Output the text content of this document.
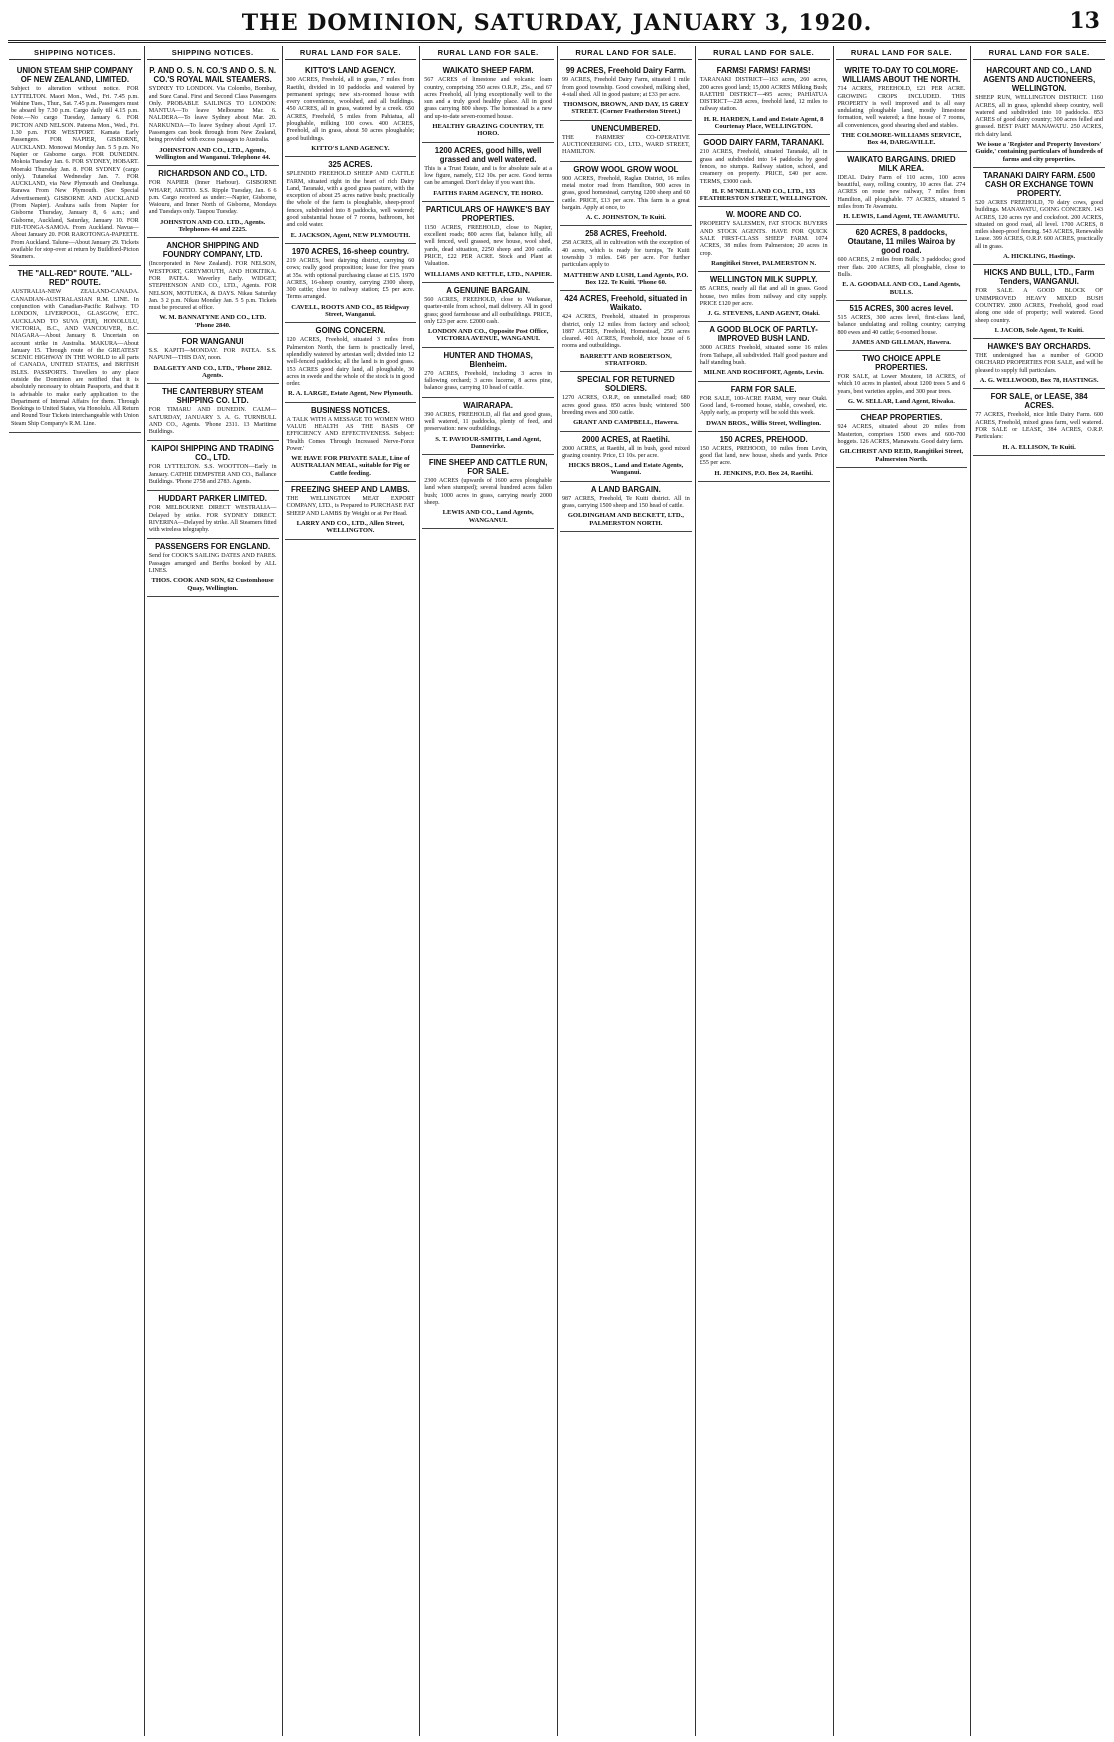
THE DOMINION, SATURDAY, JANUARY 3, 1920.	13
SHIPPING NOTICES.
UNION STEAM SHIP COMPANY OF NEW ZEALAND, LIMITED.
Subject to alteration without notice. FOR LYTTELTON. Maori Mon., Wed., Fri. 7.45 p.m. Wahine Tues., Thur., Sat. 7.45 p.m. Passengers must be aboard by 7.30 p.m. Cargo daily till 4.15 p.m. Note.—No cargo Tuesday, January 6. FOR PICTON AND NELSON. Pateena Mon., Wed., Fri. 1.30 p.m. FOR WESTPORT. Kamata Early Passengers. FOR NAPIER, GISBORNE, AUCKLAND. Monowai Monday Jan. 5 5 p.m. No Napier or Gisborne cargo. FOR DUNEDIN. Mokoia Tuesday Jan. 6. FOR SYDNEY, HOBART. Moeraki Thursday Jan. 8. FOR SYDNEY (cargo only). Tutanekai Wednesday Jan. 7. FOR AUCKLAND, via New Plymouth and Onehunga. Rarawa From New Plymouth. (See Special Advertisement). GISBORNE AND AUCKLAND (From Napier). Arahura sails from Napier for Gisborne Thursday, January 8, 6 a.m.; and Gisborne, Auckland, Saturday, January 10. FOR FIJI-TONGA-SAMOA. From Auckland. Navua—About January 20. FOR RAROTONGA-PAPEETE. From Auckland. Talune—About January 29. Tickets available for stop-over at return by Buildford-Picton Steamers.
THE "ALL-RED" ROUTE. "ALL-RED" ROUTE.
AUSTRALIA-NEW ZEALAND-CANADA. CANADIAN-AUSTRALASIAN R.M. LINE. In conjunction with Canadian-Pacific Railway. TO LONDON, LIVERPOOL, GLASGOW, ETC. AUCKLAND TO SUVA (FIJI), HONOLULU, VICTORIA, B.C., AND VANCOUVER, B.C. NIAGARA—About January 8. Uncertain on account strike in Australia. MAKURA—About January 15. Through route of the GREATEST SCENIC HIGHWAY IN THE WORLD to all parts of CANADA, UNITED STATES, and BRITISH ISLES. PASSPORTS. Travellers to any place outside the Dominion are notified that it is absolutely necessary to obtain Passports, and that it is advisable to make early application to the Department of Internal Affairs for them. Through Bookings to United States, via Honolulu. All Return and Round Tour Tickets interchangeable with Union Steam Ship Company's R.M. Line.
SHIPPING NOTICES.
P. AND O. S. N. CO.'S AND O. S. N. CO.'S ROYAL MAIL STEAMERS.
SYDNEY TO LONDON. Via Colombo, Bombay, and Suez Canal. First and Second Class Passengers Only. PROBABLE SAILINGS TO LONDON: MANTUA—To leave Melbourne Mar. 6. NALDERA—To leave Sydney about Mar. 20. NARKUNDA—To leave Sydney about April 17. Passengers can book through from New Zealand, being provided with excess passages to Australia.
JOHNSTON AND CO., LTD., Agents, Wellington and Wanganui. Telephone 44.
RICHARDSON AND CO., LTD.
FOR NAPIER (Inner Harbour). GISBORNE WHARF, AKITIO. S.S. Ripple Tuesday, Jan. 6 6 p.m. Cargo received as under:—Napier, Gisborne, Waiouru, and Inner North of Gisborne, Mondays and Tuesdays only. Taupou Tuesday.
JOHNSTON AND CO. LTD., Agents. Telephones 44 and 2225.
ANCHOR SHIPPING AND FOUNDRY COMPANY, LTD.
(Incorporated in New Zealand). FOR NELSON, WESTPORT, GREYMOUTH, AND HOKITIKA. FOR PATEA. Waverley Early. WIDGET, STEPHENSON AND CO., LTD., Agents. FOR NELSON, MOTUEKA, & DAYS. Nikau Saturday Jan. 3 2 p.m. Nikau Monday Jan. 5 5 p.m. Tickets must be procured at office.
W. M. BANNATYNE AND CO., LTD. 'Phone 2840.
FOR WANGANUI
S.S. KAPITI—MONDAY. FOR PATEA. S.S. NAPUNI—THIS DAY, noon.
DALGETY AND CO., LTD., 'Phone 2812. Agents.
THE CANTERBURY STEAM SHIPPING CO. LTD.
FOR TIMARU AND DUNEDIN. CALM—SATURDAY, JANUARY 3. A. G. TURNBULL AND CO., Agents. 'Phone 2311. 13 Maritime Buildings.
KAIPOI SHIPPING AND TRADING CO., LTD.
FOR LYTTELTON. S.S. WOOTTON—Early in January. CATHIE DEMPSTER AND CO., Ballance Buildings. 'Phone 2758 and 2783. Agents.
HUDDART PARKER LIMITED.
FOR MELBOURNE DIRECT WESTRALIA—Delayed by strike. FOR SYDNEY DIRECT. RIVERINA—Delayed by strike. All Steamers fitted with wireless telegraphy.
PASSENGERS FOR ENGLAND.
Send for COOK'S SAILING DATES AND FARES. Passages arranged and Berths booked by ALL LINES.
THOS. COOK AND SON, 62 Customhouse Quay, Wellington.
RURAL LAND FOR SALE.
KITTO'S LAND AGENCY.
300 ACRES, Freehold, all in grass, 7 miles from Raetihi, divided in 10 paddocks and watered by permanent springs; new six-roomed house with every convenience, woolshed, and all buildings. 450 ACRES, all in grass, watered by a creek. 650 ACRES, Freehold, 5 miles from Pahiatua, all ploughable, milking 100 cows. 400 ACRES, Freehold, all in grass, about 50 acres ploughable; good buildings.
KITTO'S LAND AGENCY.
325 ACRES.
SPLENDID FREEHOLD SHEEP AND CATTLE FARM, situated right in the heart of rich Dairy Land, Taranaki, with a good grass pasture, with the exception of about 25 acres native bush; practically the whole of the farm is ploughable, sheep-proof fences, subdivided into 8 paddocks, well watered; good substantial house of 7 rooms, bathroom, hot and cold water.
E. JACKSON, Agent, NEW PLYMOUTH.
1970 ACRES, 16-sheep country.
219 ACRES, best dairying district, carrying 60 cows; really good proposition; lease for five years at 35s. with optional purchasing clause at £15. 1970 ACRES, 16-sheep country, carrying 2300 sheep, 300 cattle; close to railway station; £5 per acre. Terms arranged.
CAVELL, ROOTS AND CO., 85 Ridgway Street, Wanganui.
GOING CONCERN.
120 ACRES, Freehold, situated 3 miles from Palmerston North, the farm is practically level, splendidly watered by artesian well; divided into 12 well-fenced paddocks; all the land is in good grass. 153 ACRES good dairy land, all ploughable, 30 acres in swede and the whole of the stock is in good order.
R. A. LARGE, Estate Agent, New Plymouth.
BUSINESS NOTICES.
A TALK WITH A MESSAGE TO WOMEN WHO VALUE HEALTH AS THE BASIS OF EFFICIENCY AND EFFECTIVENESS. Subject: 'Health Comes Through Increased Nerve-Force Power.'
WE HAVE FOR PRIVATE SALE, Line of AUSTRALIAN MEAL, suitable for Pig or Cattle feeding.
FREEZING SHEEP AND LAMBS.
THE WELLINGTON MEAT EXPORT COMPANY, LTD., is Prepared to PURCHASE FAT SHEEP AND LAMBS By Weight or at Per Head.
LARRY AND CO., LTD., Allen Street, WELLINGTON.
RURAL LAND FOR SALE.
WAIKATO SHEEP FARM.
567 ACRES of limestone and volcanic loam country, comprising 350 acres O.R.P., 25s., and 67 acres Freehold, all lying exceptionally well to the sun and a truly good healthy place. All in good grass carrying 800 sheep. The homestead is a new and up-to-date seven-roomed house.
HEALTHY GRAZING COUNTRY, TE HORO.
1200 ACRES, good hills, well grassed and well watered.
This is a Trust Estate, and is for absolute sale at a low figure, namely, £12 10s. per acre. Good terms can be arranged. Don't delay if you want this.
FAITHS FARM AGENCY, TE HORO.
PARTICULARS OF HAWKE'S BAY PROPERTIES.
1150 ACRES, FREEHOLD, close to Napier, excellent roads; 800 acres flat, balance hilly, all well fenced, well grassed, new house, wool shed, yards, dead situation, 2250 sheep and 200 cattle. PRICE, £22 PER ACRE. Stock and Plant at Valuation.
WILLIAMS AND KETTLE, LTD., NAPIER.
A GENUINE BARGAIN.
560 ACRES, FREEHOLD, close to Waikanae, quarter-mile from school, mail delivery. All in good grass; good farmhouse and all outbuildings. PRICE, only £23 per acre. £2000 cash.
LONDON AND CO., Opposite Post Office, VICTORIA AVENUE, WANGANUI.
HUNTER AND THOMAS, Blenheim.
270 ACRES, Freehold, including 3 acres in fallowing orchard; 3 acres lucerne, 8 acres pine, balance grass, carrying 10 head of cattle.
WAIRARAPA.
390 ACRES, FREEHOLD, all flat and good grass, well watered, 11 paddocks, plenty of feed, and preservation: new outbuildings.
S. T. PAVIOUR-SMITH, Land Agent, Dannevirke.
FINE SHEEP AND CATTLE RUN, FOR SALE.
2300 ACRES (upwards of 1600 acres ploughable land when stumped); several hundred acres fallen bush; 1000 acres in grass, carrying nearly 2000 sheep.
LEWIS AND CO., Land Agents, WANGANUI.
RURAL LAND FOR SALE.
99 ACRES, Freehold Dairy Farm.
99 ACRES, Freehold Dairy Farm, situated 1 mile from good township. Good cowshed, milking shed, 4-stall shed. All in good pasture; at £33 per acre.
THOMSON, BROWN, AND DAY, 15 GREY STREET. (Corner Featherston Street.)
UNENCUMBERED.
THE FARMERS' CO-OPERATIVE AUCTIONEERING CO., LTD., WARD STREET, HAMILTON.
GROW WOOL GROW WOOL
900 ACRES, Freehold, Raglan District, 16 miles metal motor road from Hamilton, 900 acres in grass, good homestead, carrying 1200 sheep and 60 cattle. PRICE, £13 per acre. This farm is a great bargain. Apply at once, to
A. C. JOHNSTON, Te Kuiti.
258 ACRES, Freehold.
258 ACRES, all in cultivation with the exception of 40 acres, which is ready for turnips, Te Kuiti township 3 miles. £46 per acre. For further particulars apply to
MATTHEW AND LUSH, Land Agents, P.O. Box 122. Te Kuiti. 'Phone 60.
424 ACRES, Freehold, situated in Waikato.
424 ACRES, Freehold, situated in prosperous district, only 12 miles from factory and school; 1887 ACRES, Freehold, Homestead, 250 acres cleared. 401 ACRES, Freehold, nice house of 6 rooms and outbuildings.
BARRETT AND ROBERTSON, STRATFORD.
SPECIAL FOR RETURNED SOLDIERS.
1270 ACRES, O.R.P., on unmetalled road; 680 acres good grass. 850 acres bush; wintered 500 breeding ewes and 300 cattle.
GRANT AND CAMPBELL, Hawera.
2000 ACRES, at Raetihi.
2000 ACRES, at Raetihi, all in bush, good mixed grazing country. Price, £1 10s. per acre.
HICKS BROS., Land and Estate Agents, Wanganui.
A LAND BARGAIN.
987 ACRES, Freehold, Te Kuiti district. All in grass, carrying 1500 sheep and 150 head of cattle.
GOLDINGHAM AND BECKETT, LTD., PALMERSTON NORTH.
RURAL LAND FOR SALE.
FARMS! FARMS! FARMS!
TARANAKI DISTRICT—163 acres, 260 acres, 200 acres good land; 15,000 ACRES Milking Bush; RAETIHI DISTRICT—495 acres; PAHIATUA DISTRICT—228 acres, freehold land, 12 miles to railway station.
H. R. HARDEN, Land and Estate Agent, 8 Courtenay Place, WELLINGTON.
GOOD DAIRY FARM, TARANAKI.
210 ACRES, Freehold, situated Taranaki, all in grass and subdivided into 14 paddocks by good fences, no stumps. Railway station, school, and creamery on property. PRICE, £40 per acre. TERMS, £3000 cash.
H. F. M'NEILL AND CO., LTD., 133 FEATHERSTON STREET, WELLINGTON.
W. MOORE AND CO.
PROPERTY SALESMEN, FAT STOCK BUYERS AND STOCK AGENTS. HAVE FOR QUICK SALE FIRST-CLASS SHEEP FARM. 1074 ACRES, 38 miles from Palmerston; 20 acres in crop.
Rangitikei Street, PALMERSTON N.
WELLINGTON MILK SUPPLY.
85 ACRES, nearly all flat and all in grass. Good house, two miles from railway and city supply. PRICE £120 per acre.
J. G. STEVENS, LAND AGENT, Otaki.
A GOOD BLOCK OF PARTLY-IMPROVED BUSH LAND.
3000 ACRES Freehold, situated some 16 miles from Taihape, all subdivided. Half good pasture and half standing bush.
MILNE AND ROCHFORT, Agents, Levin.
FARM FOR SALE.
FOR SALE, 100-ACRE FARM, very near Otaki. Good land, 6-roomed house, stable, cowshed, etc. Apply early, as property will be sold this week.
DWAN BROS., Willis Street, Wellington.
150 ACRES, PREHOOD.
150 ACRES, PREHOOD, 10 miles from Levin, good flat land, new house, sheds and yards. Price £55 per acre.
H. JENKINS, P.O. Box 24, Raetihi.
RURAL LAND FOR SALE.
WRITE TO-DAY TO COLMORE-WILLIAMS ABOUT THE NORTH.
714 ACRES, FREEHOLD, £21 PER ACRE. GROWING CROPS INCLUDED. THIS PROPERTY is well improved and is all easy undulating ploughable land, mostly limestone formation, well watered; a fine house of 7 rooms, all conveniences, good shearing shed and stables.
THE COLMORE-WILLIAMS SERVICE, Box 44, DARGAVILLE.
WAIKATO BARGAINS. DRIED MILK AREA.
IDEAL Dairy Farm of 110 acres, 100 acres beautiful, easy, rolling country, 10 acres flat. 274 ACRES on route new railway, 7 miles from Hamilton, all ploughable. 77 ACRES, situated 5 miles from Te Awamutu.
H. LEWIS, Land Agent, TE AWAMUTU.
620 ACRES, 8 paddocks, Otautane, 11 miles Wairoa by good road.
600 ACRES, 2 miles from Bulls; 3 paddocks; good river flats. 200 ACRES, all ploughable, close to Bulls.
E. A. GOODALL AND CO., Land Agents, BULLS.
515 ACRES, 300 acres level.
515 ACRES, 300 acres level, first-class land, balance undulating and rolling country; carrying 800 ewes and 40 cattle; 6-roomed house.
JAMES AND GILLMAN, Hawera.
TWO CHOICE APPLE PROPERTIES.
FOR SALE, at Lower Moutere, 18 ACRES, of which 10 acres in planted, about 1200 trees 5 and 6 years, best varieties apples, and 300 pear trees.
G. W. SELLAR, Land Agent, Riwaka.
CHEAP PROPERTIES.
924 ACRES, situated about 20 miles from Masterton, comprises 1500 ewes and 600-700 hoggets. 126 ACRES, Manawatu. Good dairy farm.
GILCHRIST AND REID, Rangitikei Street, Palmerston North.
RURAL LAND FOR SALE.
HARCOURT AND CO., LAND AGENTS AND AUCTIONEERS, WELLINGTON.
SHEEP RUN, WELLINGTON DISTRICT. 1160 ACRES, all in grass, splendid sheep country, well watered and subdivided into 10 paddocks. 853 ACRES of good dairy country; 300 acres felled and grassed. BEST PART MANAWATU. 250 ACRES, rich dairy land.
We issue a 'Register and Property Investors' Guide,' containing particulars of hundreds of farms and city properties.
TARANAKI DAIRY FARM. £500 CASH OR EXCHANGE TOWN PROPERTY.
520 ACRES FREEHOLD, 70 dairy cows, good buildings. MANAWATU, GOING CONCERN. 143 ACRES, 120 acres rye and cocksfoot. 200 ACRES, situated on good road, all level. 1700 ACRES, 8 miles sheep-proof fencing. 543 ACRES, Renewable Lease. 399 ACRES, O.R.P. 600 ACRES, practically all in grass.
A. HICKLING, Hastings.
HICKS AND BULL, LTD., Farm Tenders, WANGANUI.
FOR SALE. A GOOD BLOCK OF UNIMPROVED HEAVY MIXED BUSH COUNTRY. 2800 ACRES, Freehold, good road along one side of property; well watered. Good sheep country.
I. JACOB, Sole Agent, Te Kuiti.
HAWKE'S BAY ORCHARDS.
THE undersigned has a number of GOOD ORCHARD PROPERTIES FOR SALE, and will be pleased to supply full particulars.
A. G. WELLWOOD, Box 78, HASTINGS.
FOR SALE, or LEASE, 384 ACRES.
77 ACRES, Freehold, nice little Dairy Farm. 600 ACRES, Freehold, mixed grass farm, well watered. FOR SALE or LEASE, 384 ACRES, O.R.P. Particulars:
H. A. ELLISON, Te Kuiti.
